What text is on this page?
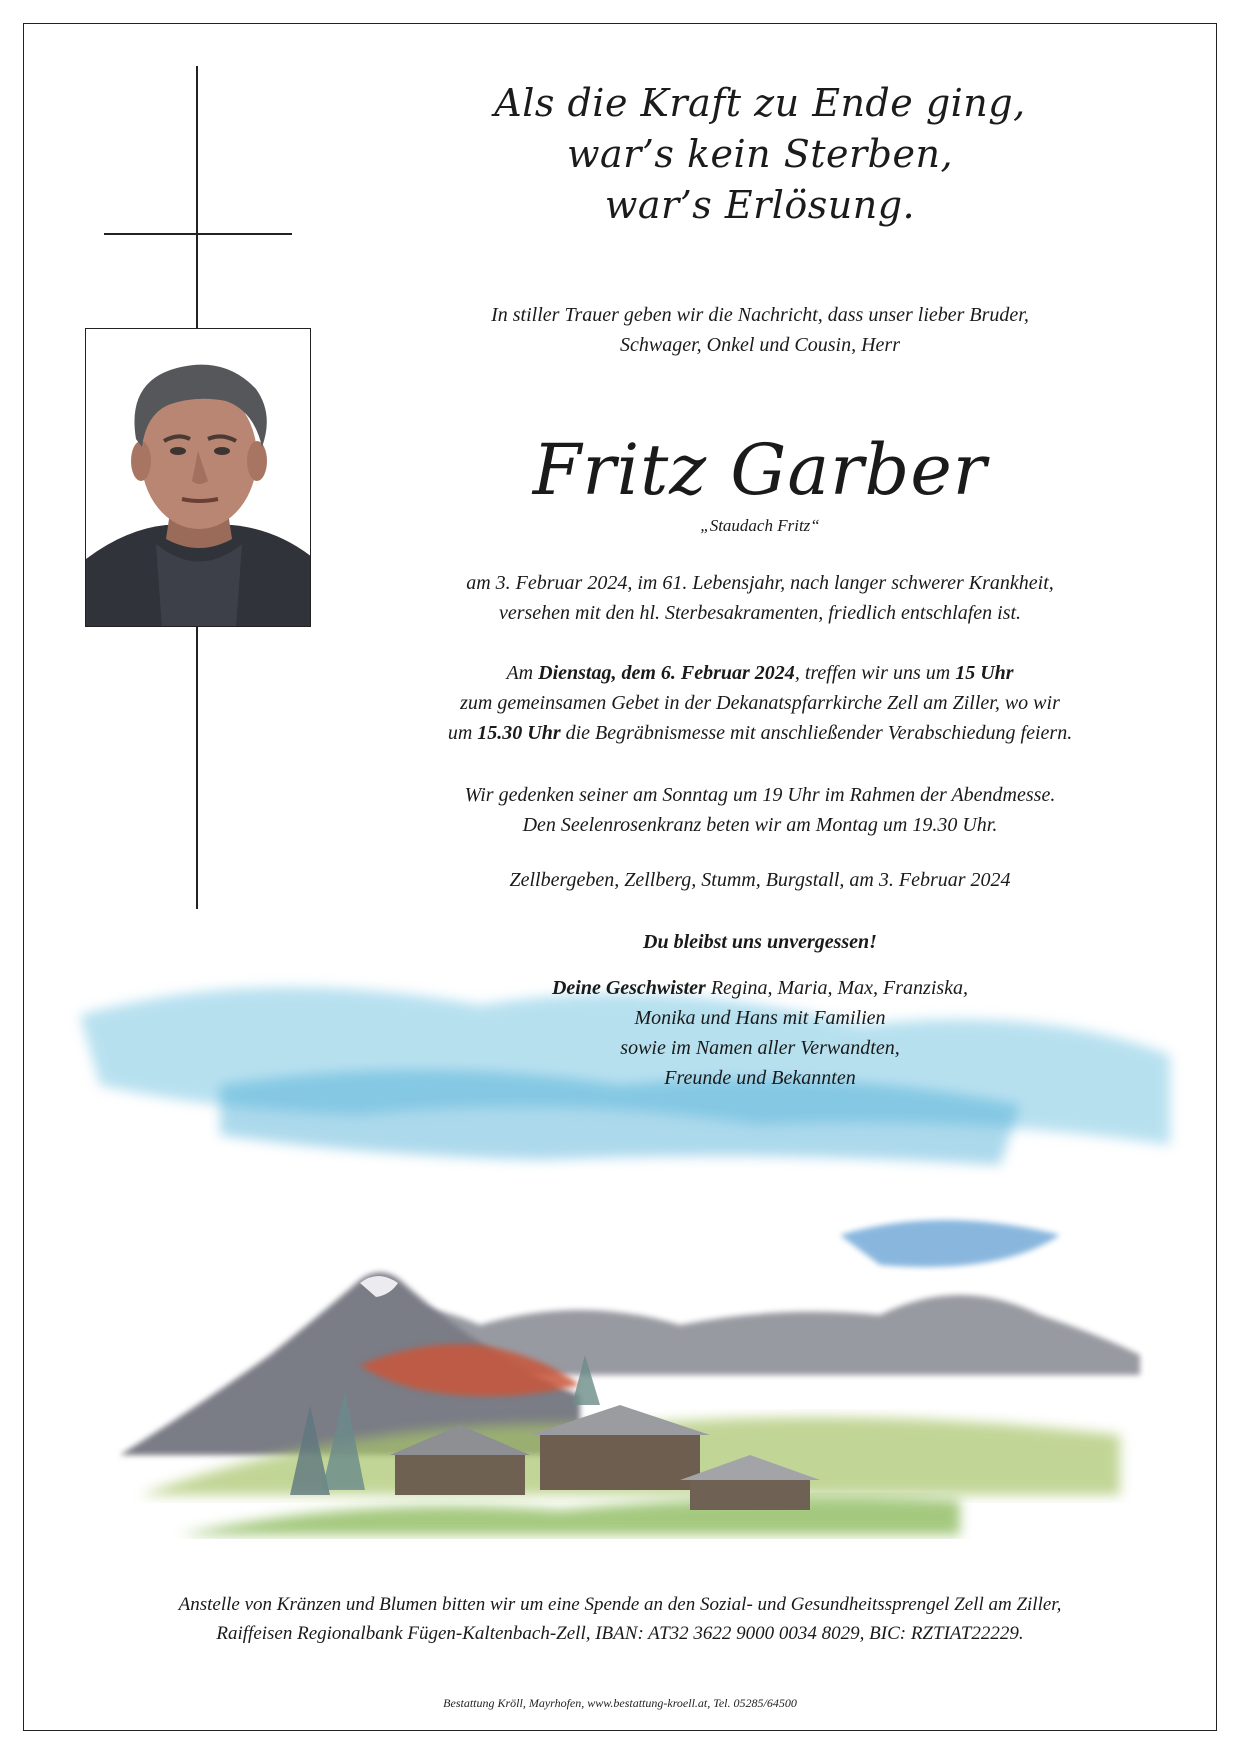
Als die Kraft zu Ende ging,
war’s kein Sterben,
war’s Erlösung.
In stiller Trauer geben wir die Nachricht, dass unser lieber Bruder,
Schwager, Onkel und Cousin, Herr
Fritz Garber
„Staudach Fritz“
am 3. Februar 2024, im 61. Lebensjahr, nach langer schwerer Krankheit,
versehen mit den hl. Sterbesakramenten, friedlich entschlafen ist.
Am Dienstag, dem 6. Februar 2024, treffen wir uns um 15 Uhr
zum gemeinsamen Gebet in der Dekanatspfarrkirche Zell am Ziller, wo wir
um 15.30 Uhr die Begräbnismesse mit anschließender Verabschiedung feiern.
Wir gedenken seiner am Sonntag um 19 Uhr im Rahmen der Abendmesse.
Den Seelenrosenkranz beten wir am Montag um 19.30 Uhr.
Zellbergeben, Zellberg, Stumm, Burgstall, am 3. Februar 2024
Du bleibst uns unvergessen!
Deine Geschwister Regina, Maria, Max, Franziska,
Monika und Hans mit Familien
sowie im Namen aller Verwandten,
Freunde und Bekannten
Anstelle von Kränzen und Blumen bitten wir um eine Spende an den Sozial- und Gesundheitssprengel Zell am Ziller,
Raiffeisen Regionalbank Fügen-Kaltenbach-Zell, IBAN: AT32 3622 9000 0034 8029, BIC: RZTIAT22229.
Bestattung Kröll, Mayrhofen, www.bestattung-kroell.at, Tel. 05285/64500
